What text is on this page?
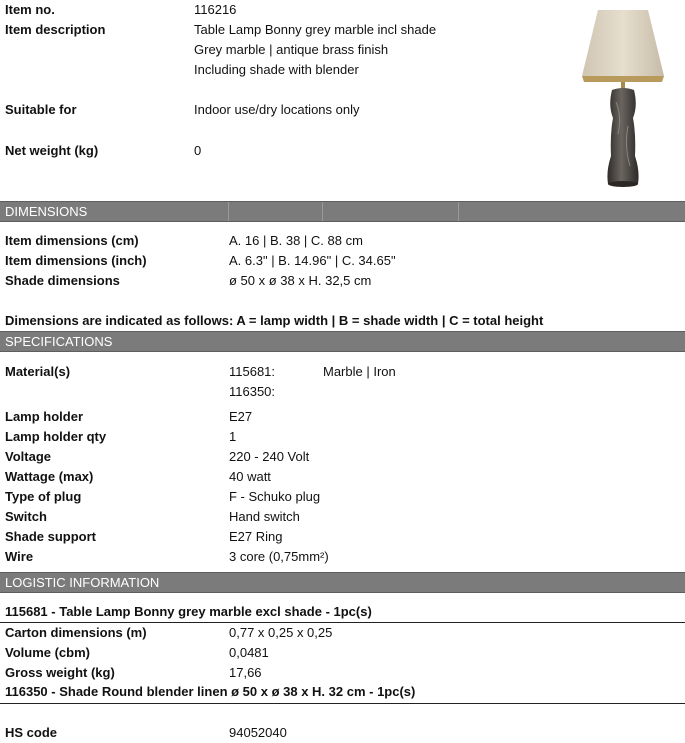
Item no.	116216
Item description	Table Lamp Bonny grey marble incl shade
Grey marble | antique brass finish
Including shade with blender
Suitable for	Indoor use/dry locations only
Net weight (kg)	0
DIMENSIONS
Item dimensions (cm)	A. 16 | B. 38 | C. 88 cm
Item dimensions (inch)	A. 6.3" | B. 14.96" | C. 34.65"
Shade dimensions	ø 50 x ø 38 x H. 32,5 cm
Dimensions are indicated as follows: A = lamp width | B = shade width | C = total height
SPECIFICATIONS
Material(s)	115681:	Marble | Iron
116350:
Lamp holder	E27
Lamp holder qty	1
Voltage	220 - 240 Volt
Wattage (max)	40 watt
Type of plug	F - Schuko plug
Switch	Hand switch
Shade support	E27 Ring
Wire	3 core (0,75mm²)
LOGISTIC INFORMATION
115681 - Table Lamp Bonny grey marble excl shade - 1pc(s)
Carton dimensions (m)	0,77 x 0,25 x 0,25
Volume (cbm)	0,0481
Gross weight (kg)	17,66
116350 - Shade Round blender linen ø 50 x ø 38 x H. 32 cm - 1pc(s)
HS code	94052040
